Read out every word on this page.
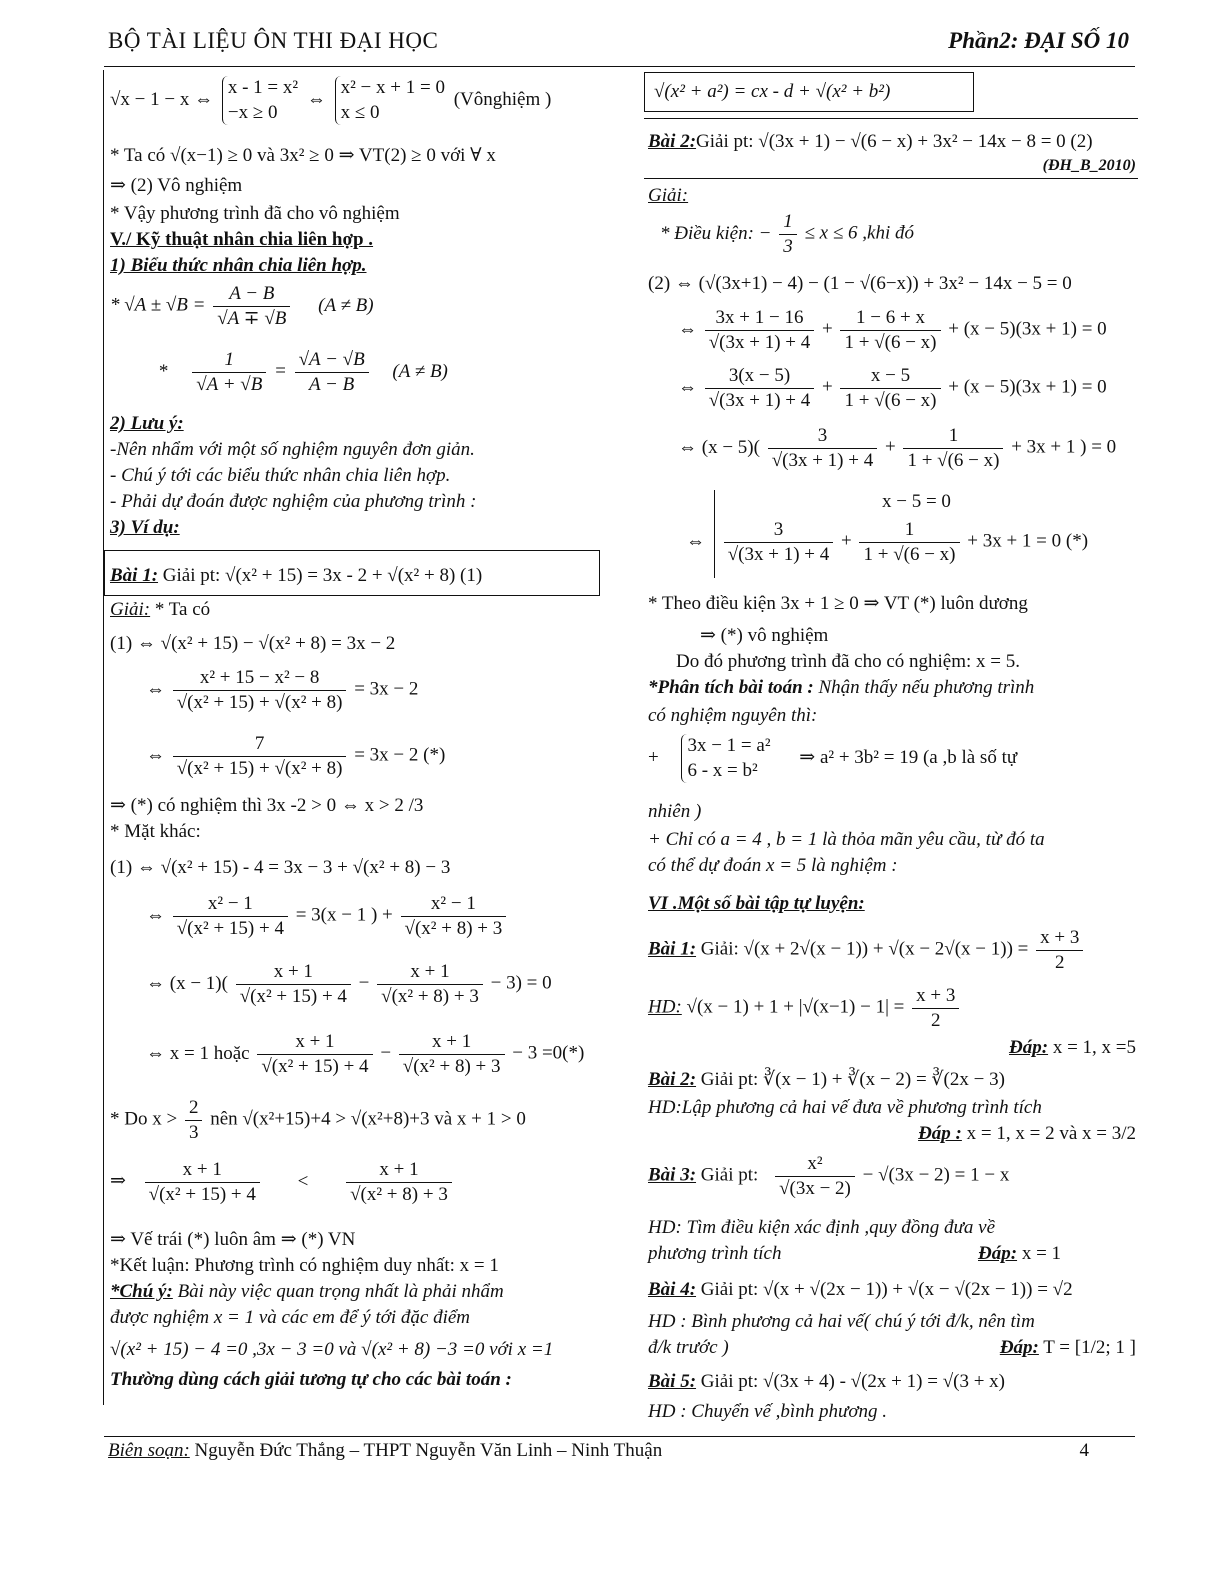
BỘ TÀI LIỆU ÔN THI ĐẠI HỌC	Phần2: ĐẠI SỐ 10
√x − 1 − x ⇔
x - 1 = x²
−x ≥ 0
⇔
x² − x + 1 = 0
x ≤ 0
(Vônghiệm )
* Ta có √(x−1) ≥ 0 và 3x² ≥ 0 ⇒ VT(2) ≥ 0 với ∀ x
⇒ (2) Vô nghiệm
* Vậy phương trình đã cho vô nghiệm
V./ Kỹ thuật nhân chia liên hợp .
1) Biểu thức nhân chia liên hợp.
* $√A \pm √B = \frac{A - B}{√A \mp √B} (A \ne B)$
* $\frac{1}{√A + √B} = \frac{√A - √B}{A - B} (A \ne B)$
2) Lưu ý:
-Nên nhẩm với một số nghiệm nguyên đơn giản.
- Chú ý tới các biểu thức nhân chia liên hợp.
- Phải dự đoán được nghiệm của phương trình :
3) Ví dụ:
Bài 1: Giải pt: √(x² + 15) = 3x - 2 + √(x² + 8) (1)
Giải: * Ta có
(1) ⇔ √(x² + 15) − √(x² + 8) = 3x − 2
⇔ $\frac{\text{x² + 15 − x² − 8}}{\text{√(x² + 15) + √(x² + 8)}} = 3x - 2$
⇔ $\frac{7}{\text{√(x² + 15) + √(x² + 8)}} = 3x - 2$ (*)
⇒ (*) có nghiệm thì 3x -2 > 0 ⇔ x > 2 /3
* Mặt khác:
(1) ⇔ √(x² + 15) - 4 = 3x − 3 + √(x² + 8) − 3
⇔ $\frac{\text{x² − 1}}{\text{√(x² + 15) + 4}} = 3(x - 1$ ) + $\frac{\text{x² − 1}}{\text{√(x² + 8) + 3}}$
⇔ $(x - 1)( \frac{x + 1}{\text{√(x² + 15) + 4}} - \frac{x + 1}{\text{√(x² + 8) + 3}} - 3) = 0$
⇔ x = 1 hoặc $\frac{x + 1}{\text{√(x² + 15) + 4}} - \frac{x + 1}{\text{√(x² + 8) + 3}} - 3 =0(*)$
* Do $x > \frac{2}{3}$ nên √(x²+15)+4 > √(x²+8)+3 và x + 1 > 0
⇒ $\frac{x + 1}{\text{√(x² + 15) + 4}} < \frac{x + 1}{\text{√(x² + 8) + 3}}$
⇒ Vế trái (*) luôn âm ⇒ (*) VN
*Kết luận: Phương trình có nghiệm duy nhất: x = 1
*Chú ý: Bài này việc quan trọng nhất là phải nhẩm
được nghiệm x = 1 và các em để ý tới đặc điểm
√(x² + 15) − 4 =0 ,3x − 3 =0 và √(x² + 8) −3 =0 với x =1
Thường dùng cách giải tương tự cho các bài toán :
√(x² + a²) = cx - d + √(x² + b²)
Bài 2:Giải pt: √(3x + 1) − √(6 − x) + 3x² − 14x − 8 = 0 (2)
(ĐH_B_2010)
Giải:
* Điều kiện: − $\frac{1}{3} \le x \le 6$ ,khi đó
(2) ⇔ (√(3x+1) − 4) − (1 − √(6−x)) + 3x² − 14x − 5 = 0
⇔ $\frac{3x + 1 - 16}{√(3x + 1) + 4} + \frac{1 - 6 + x}{1 + √(6 - x)} + (x - 5)(3x + 1) = 0$
⇔ $\frac{3(x - 5)}{√(3x + 1) + 4} + \frac{x - 5}{1 + √(6 - x)} + (x - 5)(3x + 1) = 0$
⇔ $(x - 5)( \frac{3}{√(3x + 1) + 4} + \frac{1}{1 + √(6 - x)} + 3x + 1$ ) = 0
x − 5 = 0
⇔ $\frac{3}{√(3x + 1) + 4} + \frac{1}{1 + √(6 - x)} + 3x + 1 = 0$ (*)
* Theo điều kiện 3x + 1 ≥ 0 ⇒ VT (*) luôn dương
⇒ (*) vô nghiệm
Do đó phương trình đã cho có nghiệm: x = 5.
*Phân tích bài toán : Nhận thấy nếu phương trình
có nghiệm nguyên thì:
+
3x − 1 = a²
6 - x = b²
⇒ a² + 3b² = 19 (a ,b là số tự
nhiên )
+ Chỉ có a = 4 , b = 1 là thỏa mãn yêu cầu, từ đó ta
có thể dự đoán x = 5 là nghiệm :
VI .Một số bài tập tự luyện:
Bài 1: Giải: $√(x + 2√(x - 1)) + √(x - 2√(x - 1)) = \frac{x + 3}{2}$
HD: $√(x - 1) + 1 + |√(x-1) - 1| = \frac{x + 3}{2}$
Đáp: x = 1, x =5
Bài 2: Giải pt: ∛(x − 1) + ∛(x − 2) = ∛(2x − 3)
HD:Lập phương cả hai vế đưa về phương trình tích
Đáp : x = 1, x = 2 và x = 3/2
Bài 3: Giải pt: $\frac{\text{x²}}{√(3x - 2)} - √(3x - 2) = 1 - x$
HD: Tìm điều kiện xác định ,quy đồng đưa về
phương trình tích	Đáp: x = 1
Bài 4: Giải pt: √(x + √(2x − 1)) + √(x − √(2x − 1)) = √2
HD : Bình phương cả hai vế( chú ý tới đ/k, nên tìm
đ/k trước )	Đáp: T = [1/2; 1 ]
Bài 5: Giải pt: √(3x + 4) - √(2x + 1) = √(3 + x)
HD : Chuyển vế ,bình phương .
Biên soạn: Nguyễn Đức Thắng – THPT Nguyễn Văn Linh – Ninh Thuận	4
